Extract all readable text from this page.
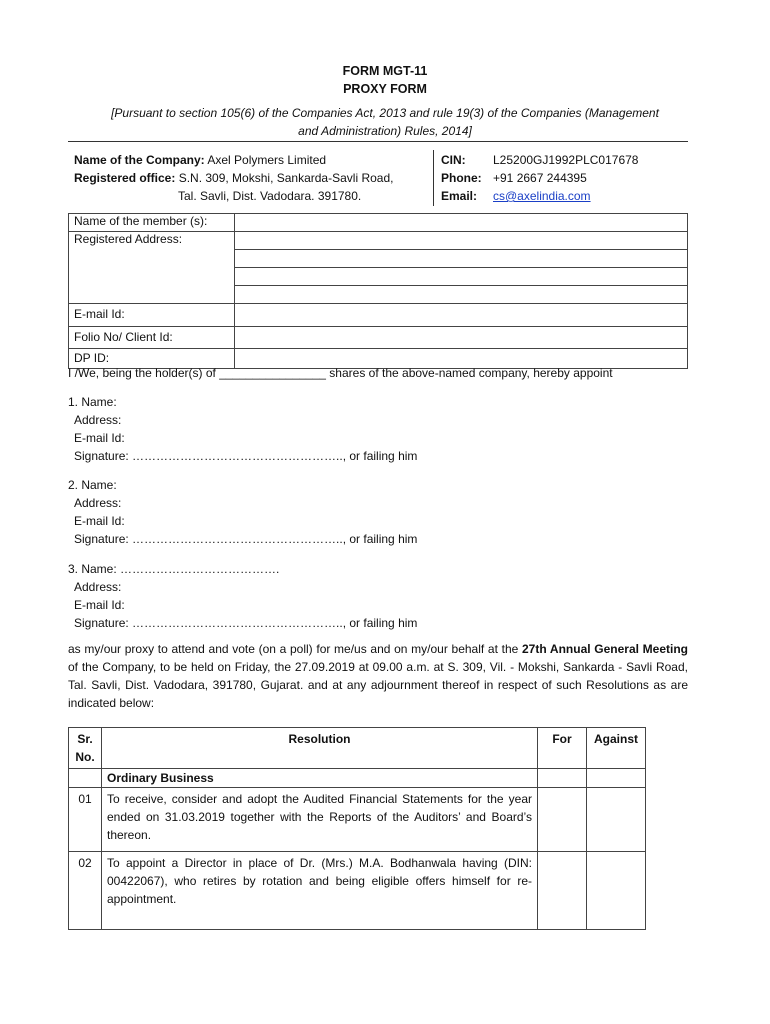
FORM MGT-11
PROXY FORM
[Pursuant to section 105(6) of the Companies Act, 2013 and rule 19(3) of the Companies (Management
and Administration) Rules, 2014]
Name of the Company: Axel Polymers Limited
Registered office: S.N. 309, Mokshi, Sankarda-Savli Road,
Tal. Savli, Dist. Vadodara. 391780.
CIN:	L25200GJ1992PLC017678
Phone: +91 2667 244395
Email:	cs@axelindia.com
Name of the member (s):	
Registered Address:	

E-mail Id:	
Folio No/ Client Id:	
DP ID:	
I /We, being the holder(s) of ________________ shares of the above-named company, hereby appoint
1. Name:
Address:
E-mail Id:
Signature: …………………………………………….., or failing him
2. Name:
Address:
E-mail Id:
Signature: …………………………………………….., or failing him
3. Name: ………………………………….
Address:
E-mail Id:
Signature: …………………………………………….., or failing him
as my/our proxy to attend and vote (on a poll) for me/us and on my/our behalf at the 27th Annual General Meeting of the Company, to be held on Friday, the 27.09.2019 at 09.00 a.m. at S. 309, Vil. - Mokshi, Sankarda - Savli Road, Tal. Savli, Dist. Vadodara, 391780, Gujarat. and at any adjournment thereof in respect of such Resolutions as are indicated below:
Sr. No.	Resolution	For	Against
	Ordinary Business		
01	To receive, consider and adopt the Audited Financial Statements for the year ended on 31.03.2019 together with the Reports of the Auditors’ and Board’s thereon.		
02	To appoint a Director in place of Dr. (Mrs.) M.A. Bodhanwala having (DIN: 00422067), who retires by rotation and being eligible offers himself for re-appointment.		
